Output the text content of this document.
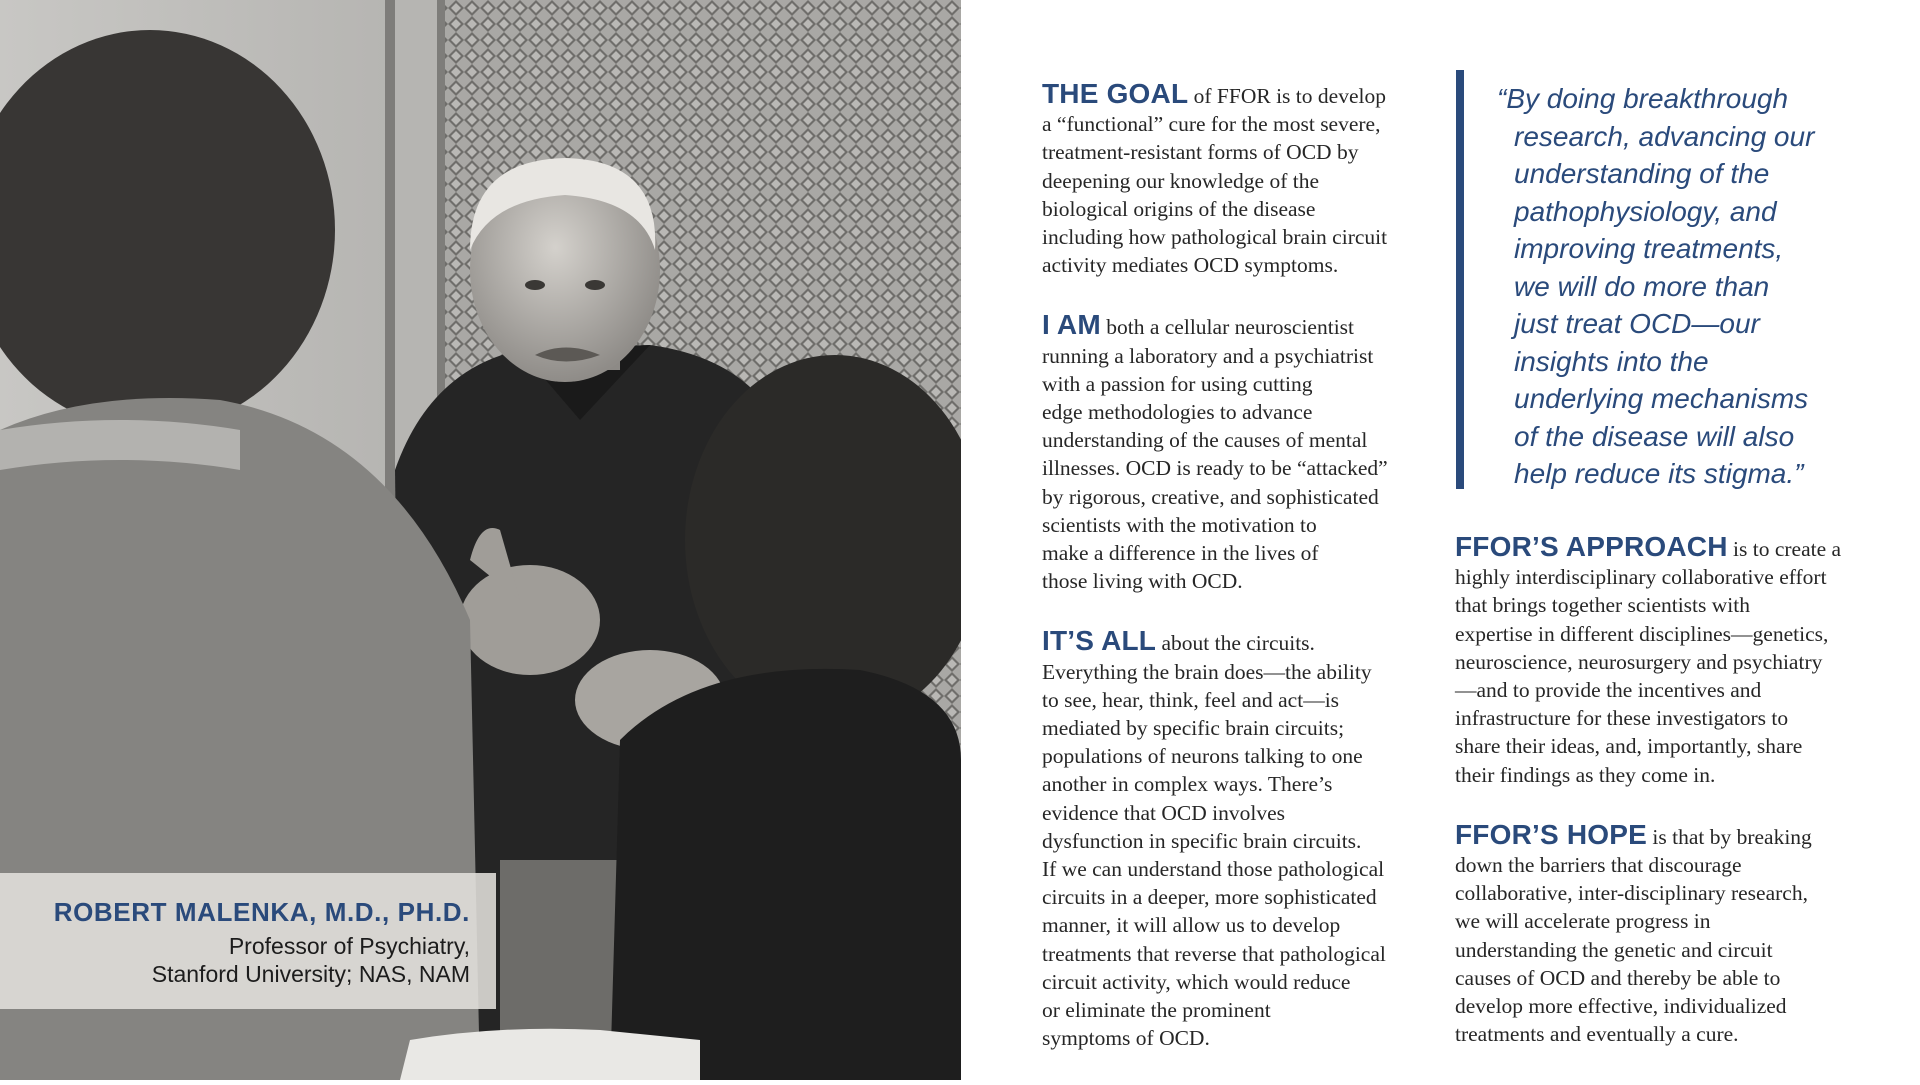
ROBERT MALENKA, M.D., PH.D.
Professor of Psychiatry,
Stanford University; NAS, NAM
THE GOAL of FFOR is to develop
a “functional” cure for the most severe,
treatment-resistant forms of OCD by
deepening our knowledge of the
biological origins of the disease
including how pathological brain circuit
activity mediates OCD symptoms.
I AM both a cellular neuroscientist
running a laboratory and a psychiatrist
with a passion for using cutting
edge methodologies to advance
understanding of the causes of mental
illnesses. OCD is ready to be “attacked”
by rigorous, creative, and sophisticated
scientists with the motivation to
make a difference in the lives of
those living with OCD.
IT’S ALL about the circuits.
Everything the brain does—the ability
to see, hear, think, feel and act—is
mediated by specific brain circuits;
populations of neurons talking to one
another in complex ways. There’s
evidence that OCD involves
dysfunction in specific brain circuits.
If we can understand those pathological
circuits in a deeper, more sophisticated
manner, it will allow us to develop
treatments that reverse that pathological
circuit activity, which would reduce
or eliminate the prominent
symptoms of OCD.
“By doing breakthrough
research, advancing our
understanding of the
pathophysiology, and
improving treatments,
we will do more than
just treat OCD—our
insights into the
underlying mechanisms
of the disease will also
help reduce its stigma.”
FFOR’S APPROACH is to create a
highly interdisciplinary collaborative effort
that brings together scientists with
expertise in different disciplines—genetics,
neuroscience, neurosurgery and psychiatry
—and to provide the incentives and
infrastructure for these investigators to
share their ideas, and, importantly, share
their findings as they come in.
FFOR’S HOPE is that by breaking
down the barriers that discourage
collaborative, inter-disciplinary research,
we will accelerate progress in
understanding the genetic and circuit
causes of OCD and thereby be able to
develop more effective, individualized
treatments and eventually a cure.
